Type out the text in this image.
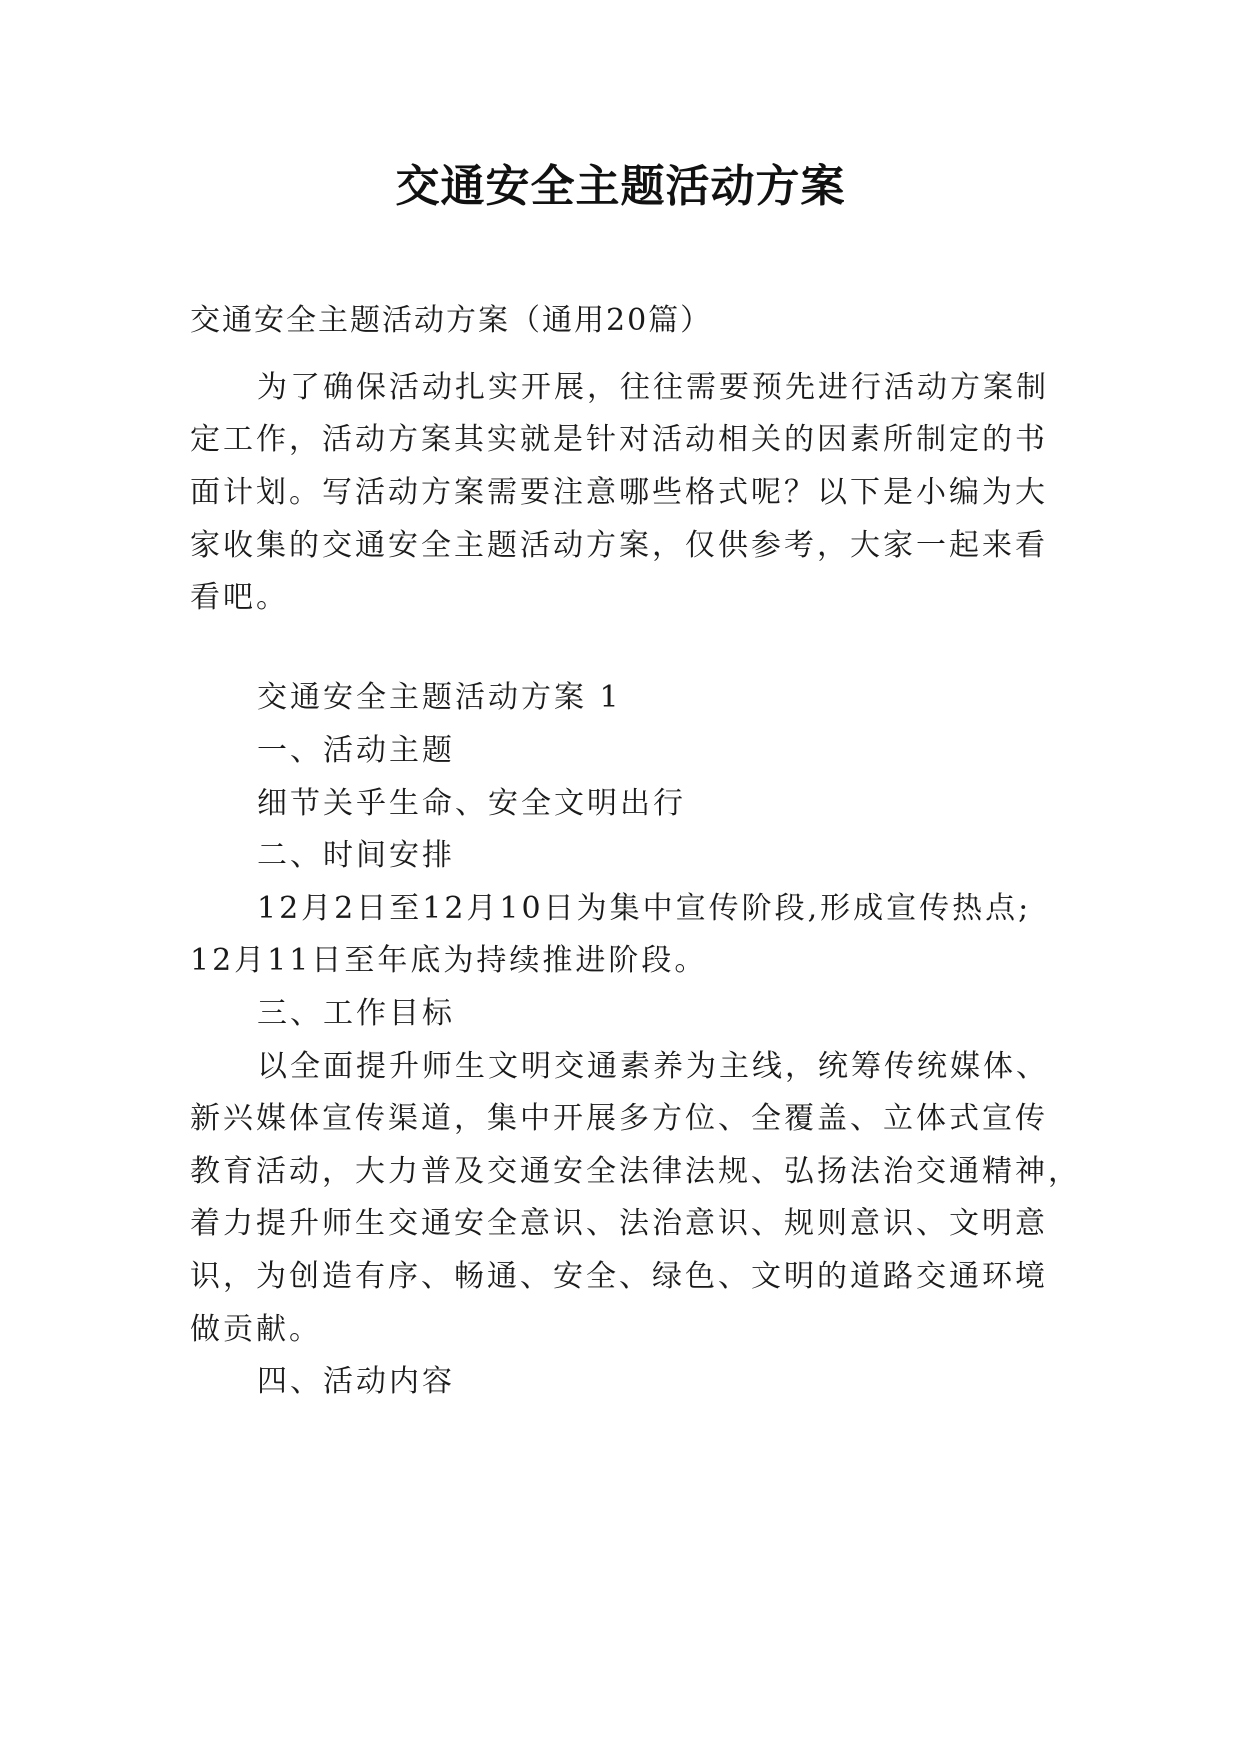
交通安全主题活动方案
交通安全主题活动方案（通用20篇）
为了确保活动扎实开展，往往需要预先进行活动方案制
定工作，活动方案其实就是针对活动相关的因素所制定的书
面计划。写活动方案需要注意哪些格式呢？以下是小编为大
家收集的交通安全主题活动方案，仅供参考，大家一起来看
看吧。
交通安全主题活动方案 1
一、活动主题
细节关乎生命、安全文明出行
二、时间安排
12月2日至12月10日为集中宣传阶段,形成宣传热点;
12月11日至年底为持续推进阶段。
三、工作目标
以全面提升师生文明交通素养为主线，统筹传统媒体、
新兴媒体宣传渠道，集中开展多方位、全覆盖、立体式宣传
教育活动，大力普及交通安全法律法规、弘扬法治交通精神，
着力提升师生交通安全意识、法治意识、规则意识、文明意
识，为创造有序、畅通、安全、绿色、文明的道路交通环境
做贡献。
四、活动内容
